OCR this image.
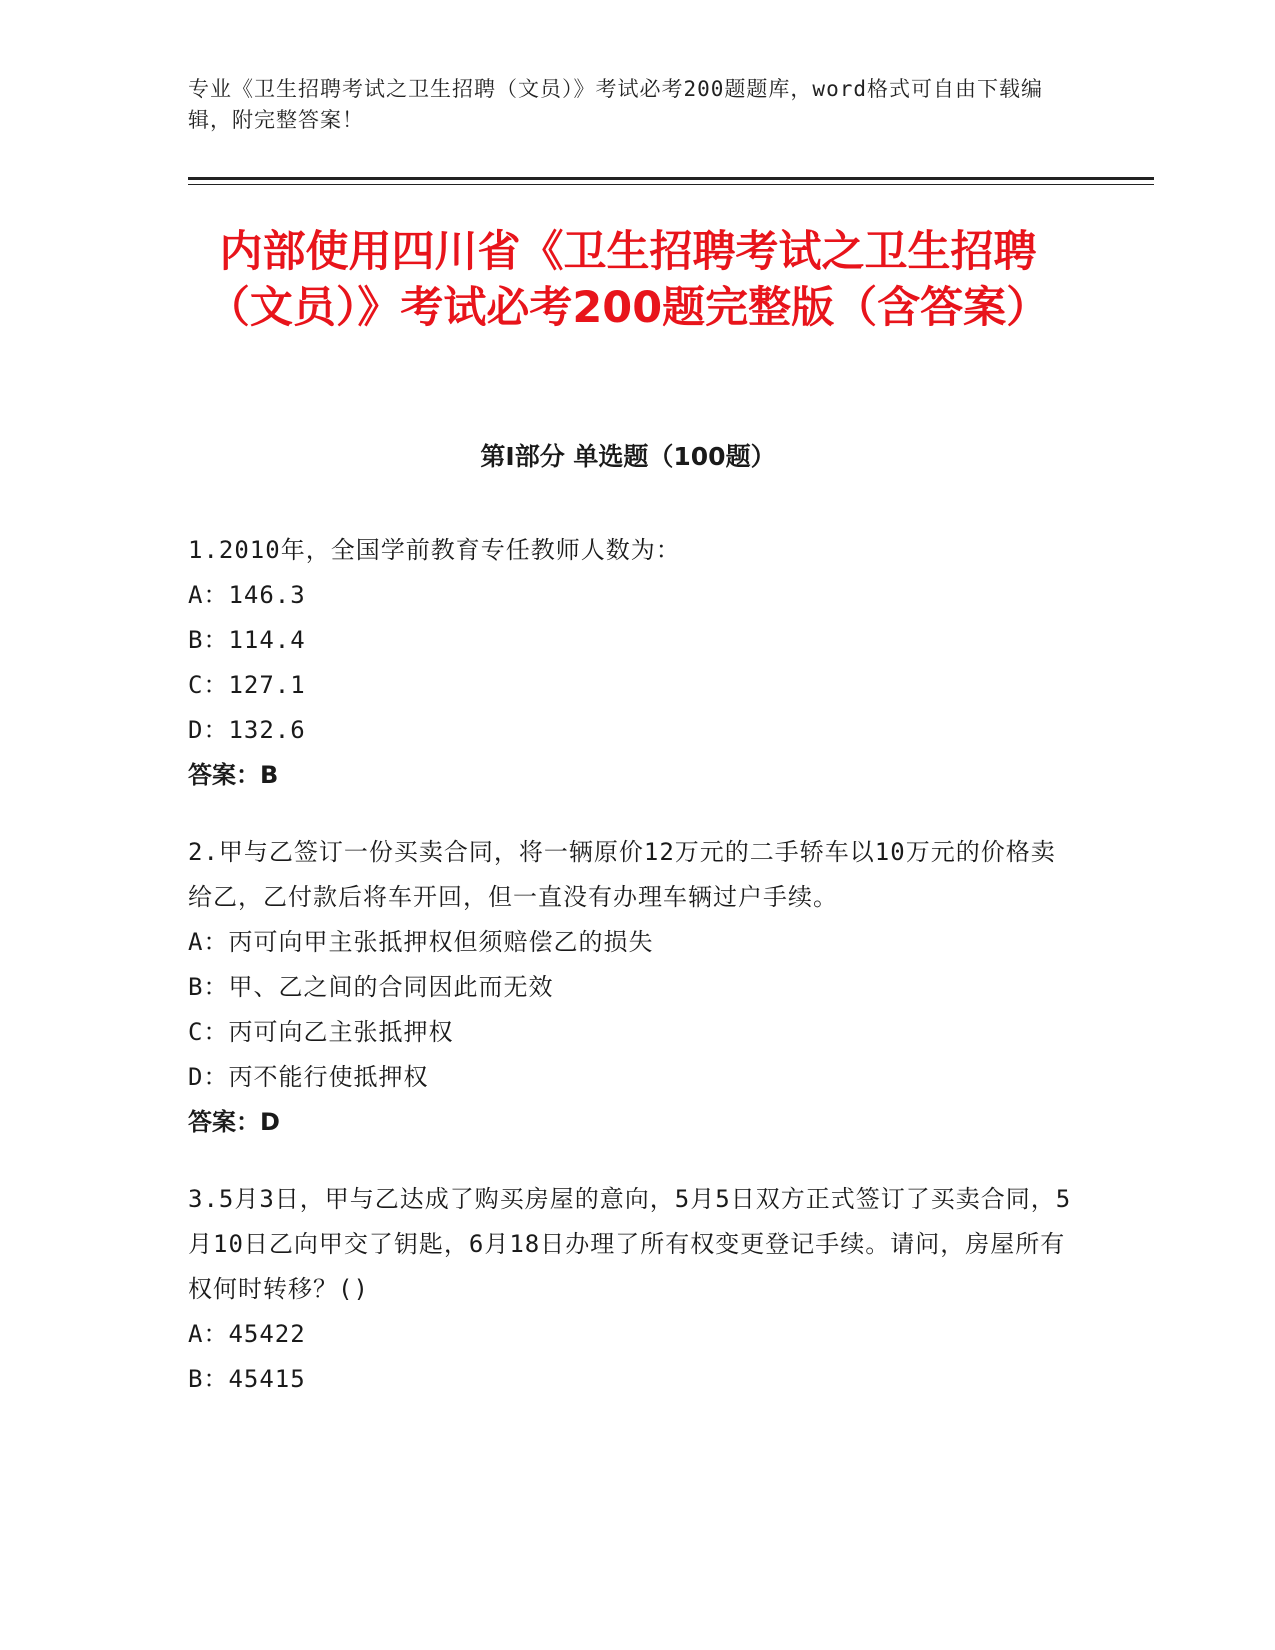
专业《卫生招聘考试之卫生招聘（文员）》考试必考200题题库，word格式可自由下载编辑，附完整答案！
内部使用四川省《卫生招聘考试之卫生招聘（文员）》考试必考200题完整版（含答案）
第I部分 单选题（100题）
1.2010年，全国学前教育专任教师人数为：
A：146.3
B：114.4
C：127.1
D：132.6
答案：B
2.甲与乙签订一份买卖合同，将一辆原价12万元的二手轿车以10万元的价格卖给乙，乙付款后将车开回，但一直没有办理车辆过户手续。
A：丙可向甲主张抵押权但须赔偿乙的损失
B：甲、乙之间的合同因此而无效
C：丙可向乙主张抵押权
D：丙不能行使抵押权
答案：D
3.5月3日，甲与乙达成了购买房屋的意向，5月5日双方正式签订了买卖合同，5月10日乙向甲交了钥匙，6月18日办理了所有权变更登记手续。请问，房屋所有权何时转移？()
A：45422
B：45415
